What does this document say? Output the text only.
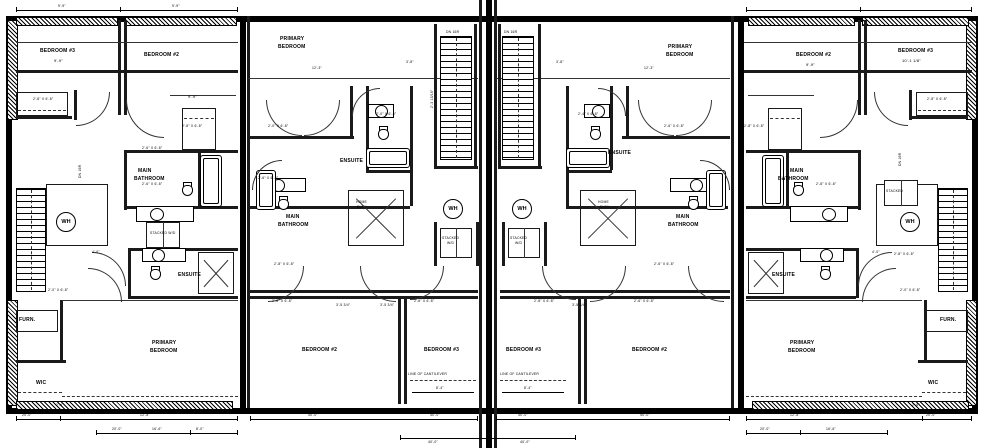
WH
BEDROOM #3
9'-9"
BEDROOM #2
9'-9"
MAIN
BATHROOM
ENSUITE
PRIMARY
BEDROOM
WIC
FURN.
DN 16R
STACKED W/D
2'-8" X 6'-8"
2'-8" X 6'-8"
2'-6" X 6'-8"
2'-6" X 6'-8"
2'-0" X 6'-8"
4'-0"
2'-6"
WH
PRIMARY
BEDROOM
ENSUITE
MAIN
BATHROOM
BEDROOM #2	BEDROOM #3
DN 16R
HOME
ELEV.
STACKED
W/D
LINE OF CANTILEVER
8'-4"
2'-0" X 6'-8"
2'-6" X 6'-8"
2'-8" X 6'-8"
2'-8" X 6'-8"
2'-0" X 6'-8"
3'-5 3/4"	3'-5 3/4"
2'-8" X 6'-8"
12'-3"
3'-8"
2'-3 13/16"
WH
PRIMARY
BEDROOM
ENSUITE
MAIN
BATHROOM
BEDROOM #3	BEDROOM #2
DN 16R
HOME
ELEV.
STACKED
W/D
LINE OF CANTILEVER
8'-4"
2'-4" X 6'-8"
2'-6" X 6'-8"
2'-6" X 6'-8"
2'-8" X 6'-8"
3'-5 3/4"
2'-6" X 6'-8"
12'-3"
3'-8"
WH
BEDROOM #2
9'-9"
BEDROOM #3
10'-1 1/8"
MAIN
BATHROOM
ENSUITE
PRIMARY
BEDROOM
WIC
FURN.
DN 16R
STACKED
2'-8" X 6'-8"
2'-8" X 6'-8"
2'-8" X 6'-8"
2'-8" X 6'-8"
2'-0" X 6'-8"
4'-0"
2'-6"
9'-9"	9'-9"
20'-0"	12'-8"	40'-0"	40'-0"	40'-0"	40'-0"	12'-8"	20'-0"
20'-0"	16'-6"	8'-0"	20'-0"	16'-6"
40'-0"	40'-0"
